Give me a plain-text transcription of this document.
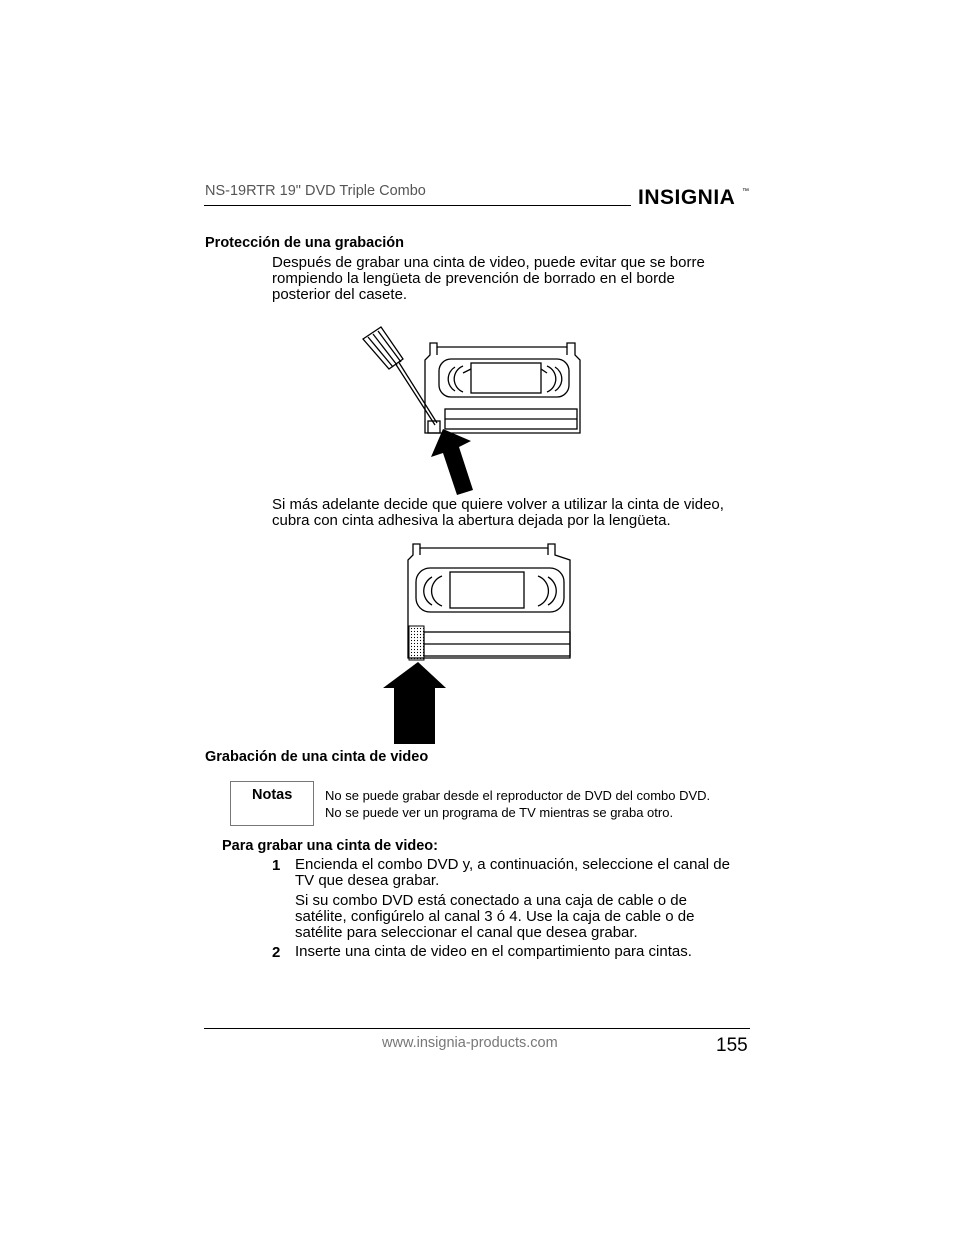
NS-19RTR 19" DVD Triple Combo	INSIGNIA ™
Protección de una grabación
Después de grabar una cinta de video, puede evitar que se borre
rompiendo la lengüeta de prevención de borrado en el borde
posterior del casete.
Si más adelante decide que quiere volver a utilizar la cinta de video,
cubra con cinta adhesiva la abertura dejada por la lengüeta.
Grabación de una cinta de video
Notas	No se puede grabar desde el reproductor de DVD del combo DVD.
No se puede ver un programa de TV mientras se graba otro.
Para grabar una cinta de video:
1 Encienda el combo DVD y, a continuación, seleccione el canal de
TV que desea grabar.
Si su combo DVD está conectado a una caja de cable o de
satélite, configúrelo al canal 3 ó 4. Use la caja de cable o de
satélite para seleccionar el canal que desea grabar.
2 Inserte una cinta de video en el compartimiento para cintas.
www.insignia-products.com	155
